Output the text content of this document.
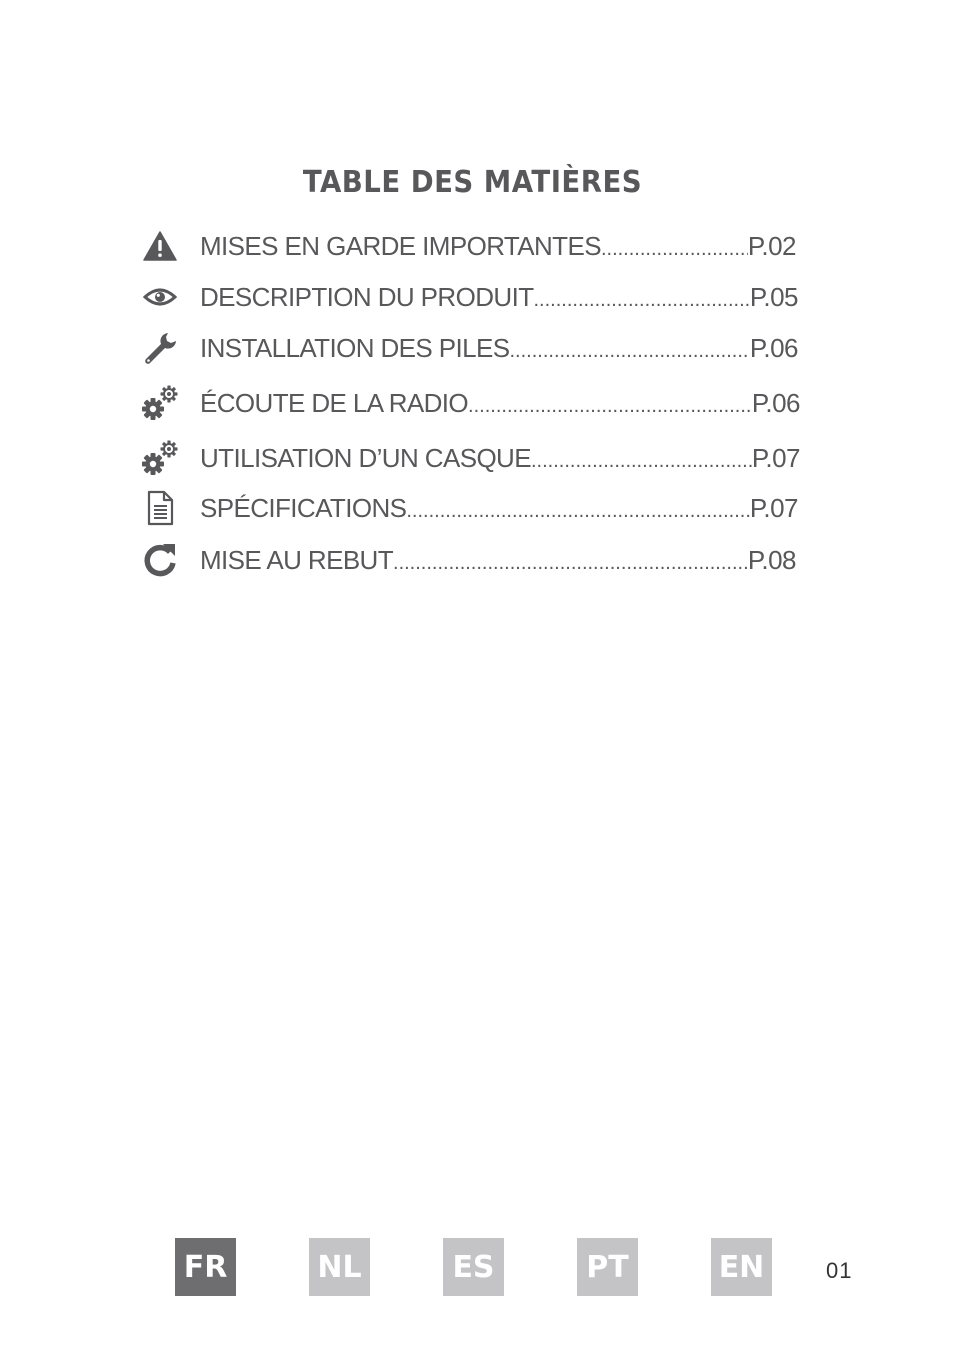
TABLE DES MATIÈRES
MISES EN GARDE IMPORTANTES .....	P.02
DESCRIPTION DU PRODUIT .....	P.05
INSTALLATION DES PILES .....	P.06
ÉCOUTE DE LA RADIO .....	P.06
UTILISATION D’UN CASQUE .....	P.07
SPÉCIFICATIONS .....	P.07
MISE AU REBUT .....	P.08
FR	NL	ES	PT	EN	01
